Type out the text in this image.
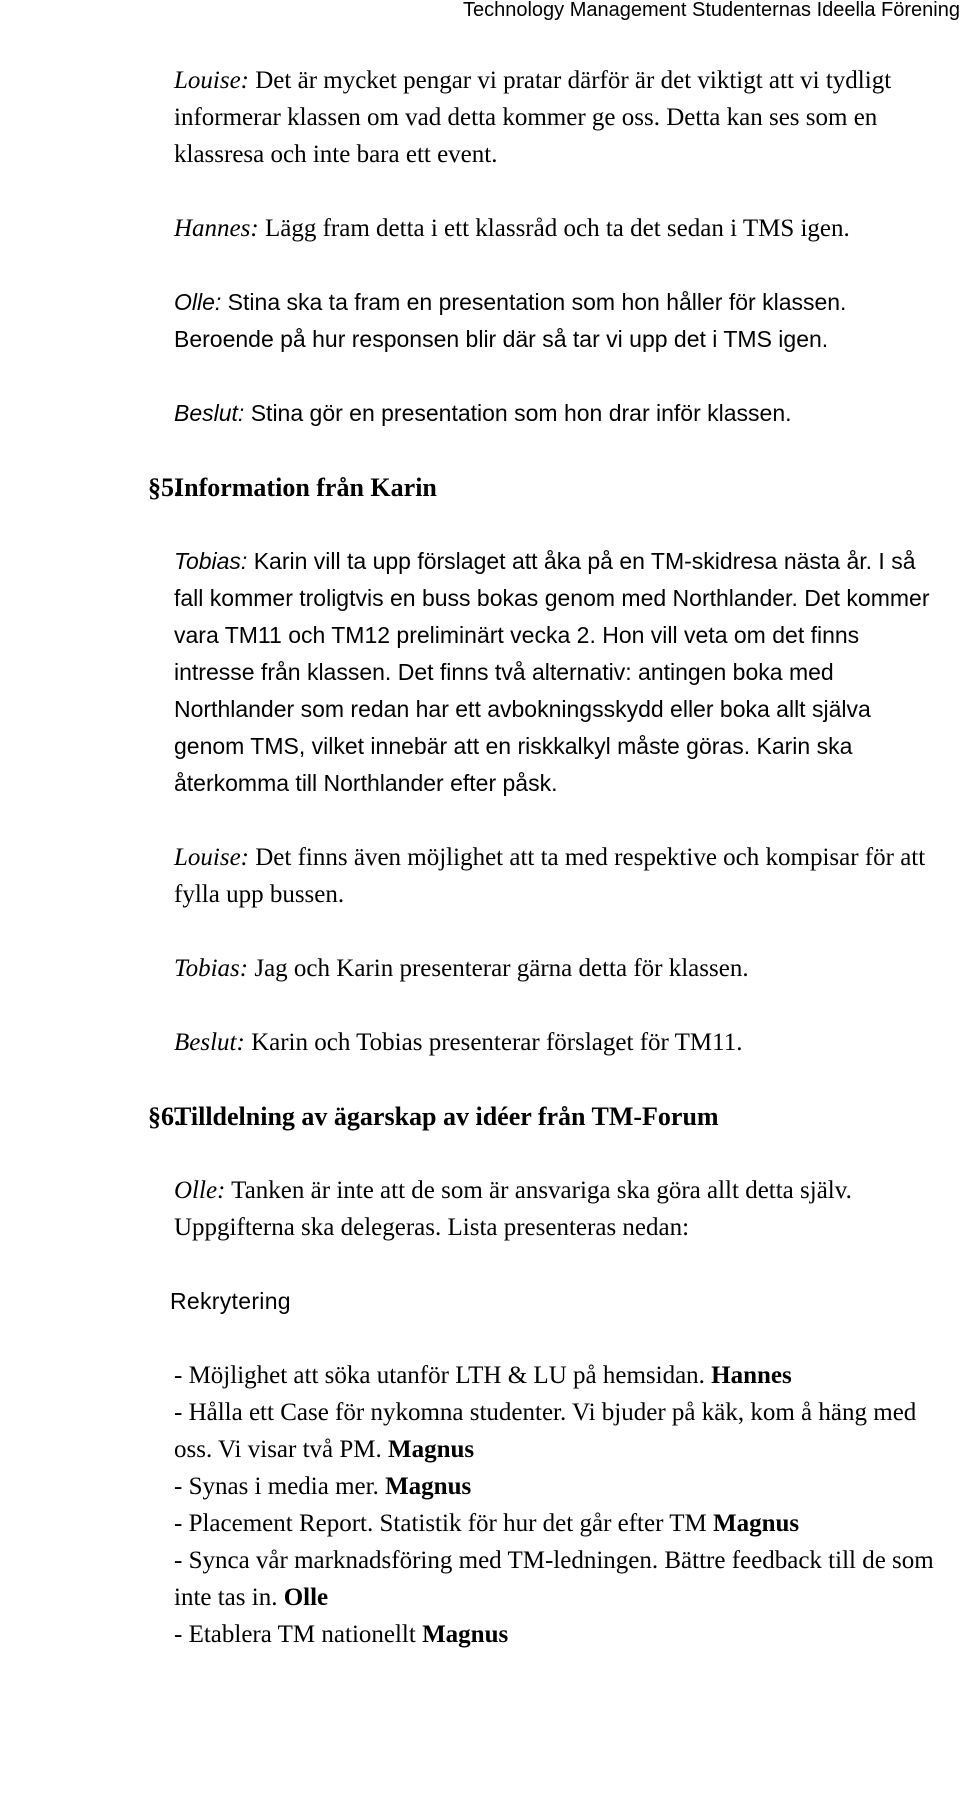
Technology Management Studenternas Ideella Förening

Louise: Det är mycket pengar vi pratar därför är det viktigt att vi tydligt informerar klassen om vad detta kommer ge oss. Detta kan ses som en klassresa och inte bara ett event.

Hannes: Lägg fram detta i ett klassråd och ta det sedan i TMS igen.

Olle: Stina ska ta fram en presentation som hon håller för klassen. Beroende på hur responsen blir där så tar vi upp det i TMS igen.

Beslut: Stina gör en presentation som hon drar inför klassen.

§5.
Information från Karin

Tobias: Karin vill ta upp förslaget att åka på en TM-skidresa nästa år. I så fall kommer troligtvis en buss bokas genom med Northlander. Det kommer vara TM11 och TM12 preliminärt vecka 2. Hon vill veta om det finns intresse från klassen. Det finns två alternativ: antingen boka med Northlander som redan har ett avbokningsskydd eller boka allt själva genom TMS, vilket innebär att en riskkalkyl måste göras. Karin ska återkomma till Northlander efter påsk.

Louise: Det finns även möjlighet att ta med respektive och kompisar för att fylla upp bussen.

Tobias: Jag och Karin presenterar gärna detta för klassen.

Beslut: Karin och Tobias presenterar förslaget för TM11.

§6.
Tilldelning av ägarskap av idéer från TM-Forum

Olle: Tanken är inte att de som är ansvariga ska göra allt detta själv. Uppgifterna ska delegeras. Lista presenteras nedan:

Rekrytering
- Möjlighet att söka utanför LTH & LU på hemsidan. Hannes
- Hålla ett Case för nykomna studenter. Vi bjuder på käk, kom å häng med oss. Vi visar två PM. Magnus
- Synas i media mer. Magnus
- Placement Report. Statistik för hur det går efter TM Magnus
- Synca vår marknadsföring med TM-ledningen. Bättre feedback till de som inte tas in. Olle
- Etablera TM nationellt Magnus
